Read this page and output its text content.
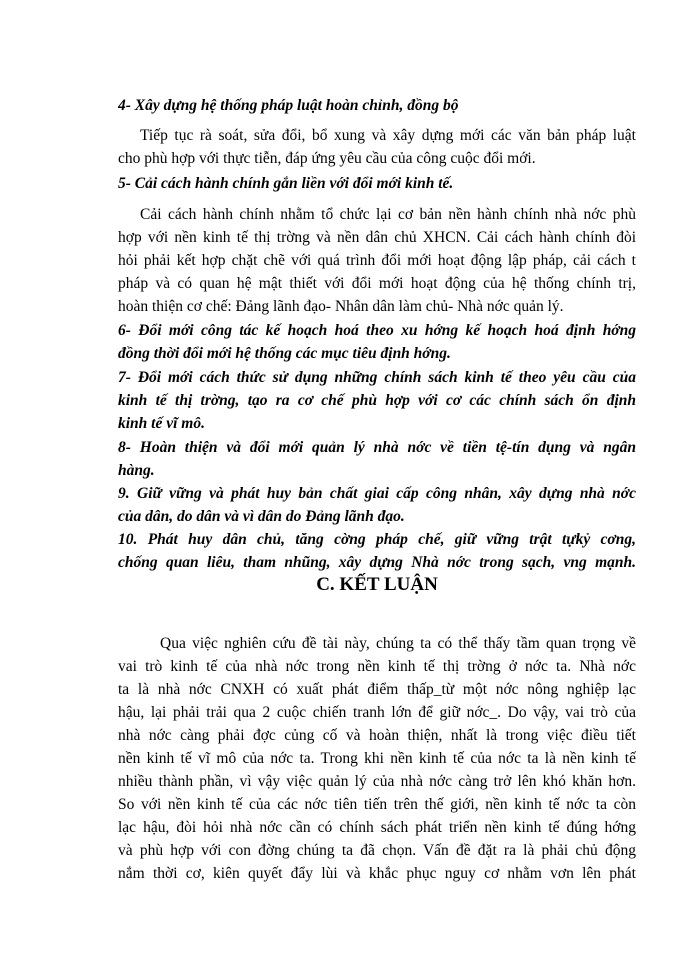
4- Xây dựng hệ thống pháp luật hoàn chỉnh, đồng bộ
Tiếp tục rà soát, sửa đổi, bổ xung và xây dựng mới các văn bản pháp luật
cho phù hợp với thực tiễn, đáp ứng yêu cầu của công cuộc đổi mới.
5- Cải cách hành chính gắn liền với đổi mới kinh tế.
Cải cách hành chính nhằm tổ chức lại cơ bản nền hành chính nhà nớc phù
hợp với nền kinh tế thị trờng và nền dân chủ XHCN. Cải cách hành chính đòi
hỏi phải kết hợp chặt chẽ với quá trình đổi mới hoạt động lập pháp, cải cách t
pháp và có quan hệ mật thiết với đổi mới hoạt động của hệ thống chính trị,
hoàn thiện cơ chế: Đảng lãnh đạo- Nhân dân làm chủ- Nhà nớc quản lý.
6- Đổi mới công tác kế hoạch hoá theo xu hớng kế hoạch hoá định hớng
đồng thời đổi mới hệ thống các mục tiêu định hớng.
7- Đổi mới cách thức sử dụng những chính sách kinh tế theo yêu cầu của
kinh tế thị trờng, tạo ra cơ chế phù hợp với cơ các chính sách ổn định
kinh tế vĩ mô.
8- Hoàn thiện và đổi mới quản lý nhà nớc về tiền tệ-tín dụng và ngân
hàng.
9. Giữ vững và phát huy bản chất giai cấp công nhân, xây dựng nhà nớc
của dân, do dân và vì dân do Đảng lãnh đạo.
10. Phát huy dân chủ, tăng cờng pháp chế, giữ vững trật tựkỷ cơng,
chống quan liêu, tham nhũng, xây dựng Nhà nớc trong sạch, vng mạnh.
C. KẾT LUẬN
Qua việc nghiên cứu đề tài này, chúng ta có thể thấy tầm quan trọng về
vai trò kinh tế của nhà nớc trong nền kinh tế thị trờng ở nớc ta. Nhà nớc
ta là nhà nớc CNXH có xuất phát điểm thấp_từ một nớc nông nghiệp lạc
hậu, lại phải trải qua 2 cuộc chiến tranh lớn để giữ nớc_. Do vậy, vai trò của
nhà nớc càng phải đợc củng cố và hoàn thiện, nhất là trong việc điều tiết
nền kinh tế vĩ mô của nớc ta. Trong khi nền kinh tế của nớc ta là nền kinh tế
nhiều thành phần, vì vậy việc quản lý của nhà nớc càng trở lên khó khăn hơn.
So với nền kinh tế của các nớc tiên tiến trên thế giới, nền kinh tế nớc ta còn
lạc hậu, đòi hỏi nhà nớc cần có chính sách phát triển nền kinh tế đúng hớng
và phù hợp với con đờng chúng ta đã chọn. Vấn đề đặt ra là phải chủ động
nắm thời cơ, kiên quyết đẩy lùi và khắc phục nguy cơ nhằm vơn lên phát
